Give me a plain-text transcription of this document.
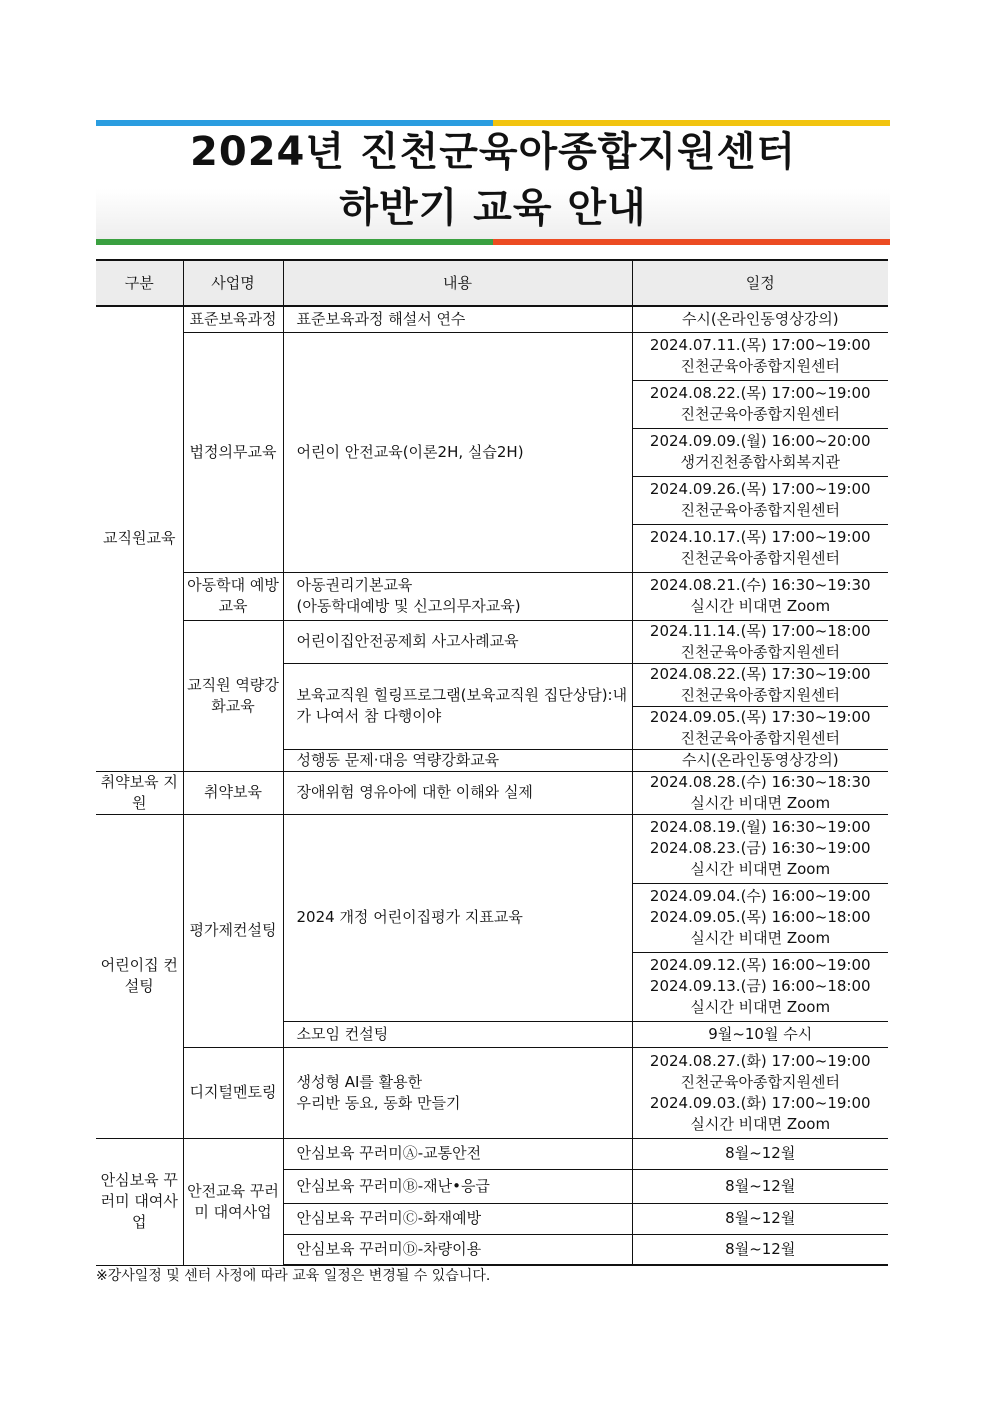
2024년 진천군육아종합지원센터
하반기 교육 안내
구분	사업명	내용	일정
교직원교육	표준보육과정	표준보육과정 해설서 연수	수시(온라인동영상강의)
	법정의무교육	어린이 안전교육(이론2H, 실습2H)	2024.07.11.(목) 17:00~19:00
진천군육아종합지원센터

			2024.08.22.(목) 17:00~19:00
진천군육아종합지원센터

			2024.09.09.(월) 16:00~20:00
생거진천종합사회복지관

			2024.09.26.(목) 17:00~19:00
진천군육아종합지원센터

			2024.10.17.(목) 17:00~19:00
진천군육아종합지원센터

	아동학대 예방교육	아동권리기본교육
(아동학대예방 및 신고의무자교육)	2024.08.21.(수) 16:30~19:30
실시간 비대면 Zoom

	교직원 역량강화교육	어린이집안전공제회 사고사례교육	2024.11.14.(목) 17:00~18:00
진천군육아종합지원센터

		보육교직원 힐링프로그램(보육교직원 집단상담):내가 나여서 참 다행이야	2024.08.22.(목) 17:30~19:00
진천군육아종합지원센터

			2024.09.05.(목) 17:30~19:00
진천군육아종합지원센터

		성행동 문제·대응 역량강화교육	수시(온라인동영상강의)
취약보육 지원	취약보육	장애위험 영유아에 대한 이해와 실제	2024.08.28.(수) 16:30~18:30
실시간 비대면 Zoom

어린이집 컨설팅	평가제컨설팅	2024 개정 어린이집평가 지표교육	2024.08.19.(월) 16:30~19:00
2024.08.23.(금) 16:30~19:00
실시간 비대면 Zoom

			2024.09.04.(수) 16:00~19:00
2024.09.05.(목) 16:00~18:00
실시간 비대면 Zoom

			2024.09.12.(목) 16:00~19:00
2024.09.13.(금) 16:00~18:00
실시간 비대면 Zoom

		소모임 컨설팅	9월~10월 수시
	디지털멘토링	생성형 AI를 활용한
우리반 동요, 동화 만들기	2024.08.27.(화) 17:00~19:00
진천군육아종합지원센터
2024.09.03.(화) 17:00~19:00
실시간 비대면 Zoom

안심보육 꾸러미 대여사업	안전교육 꾸러미 대여사업	안심보육 꾸러미Ⓐ-교통안전	8월~12월
		안심보육 꾸러미Ⓑ-재난•응급	8월~12월
		안심보육 꾸러미Ⓒ-화재예방	8월~12월
		안심보육 꾸러미Ⓓ-차량이용	8월~12월
※강사일정 및 센터 사정에 따라 교육 일정은 변경될 수 있습니다.
